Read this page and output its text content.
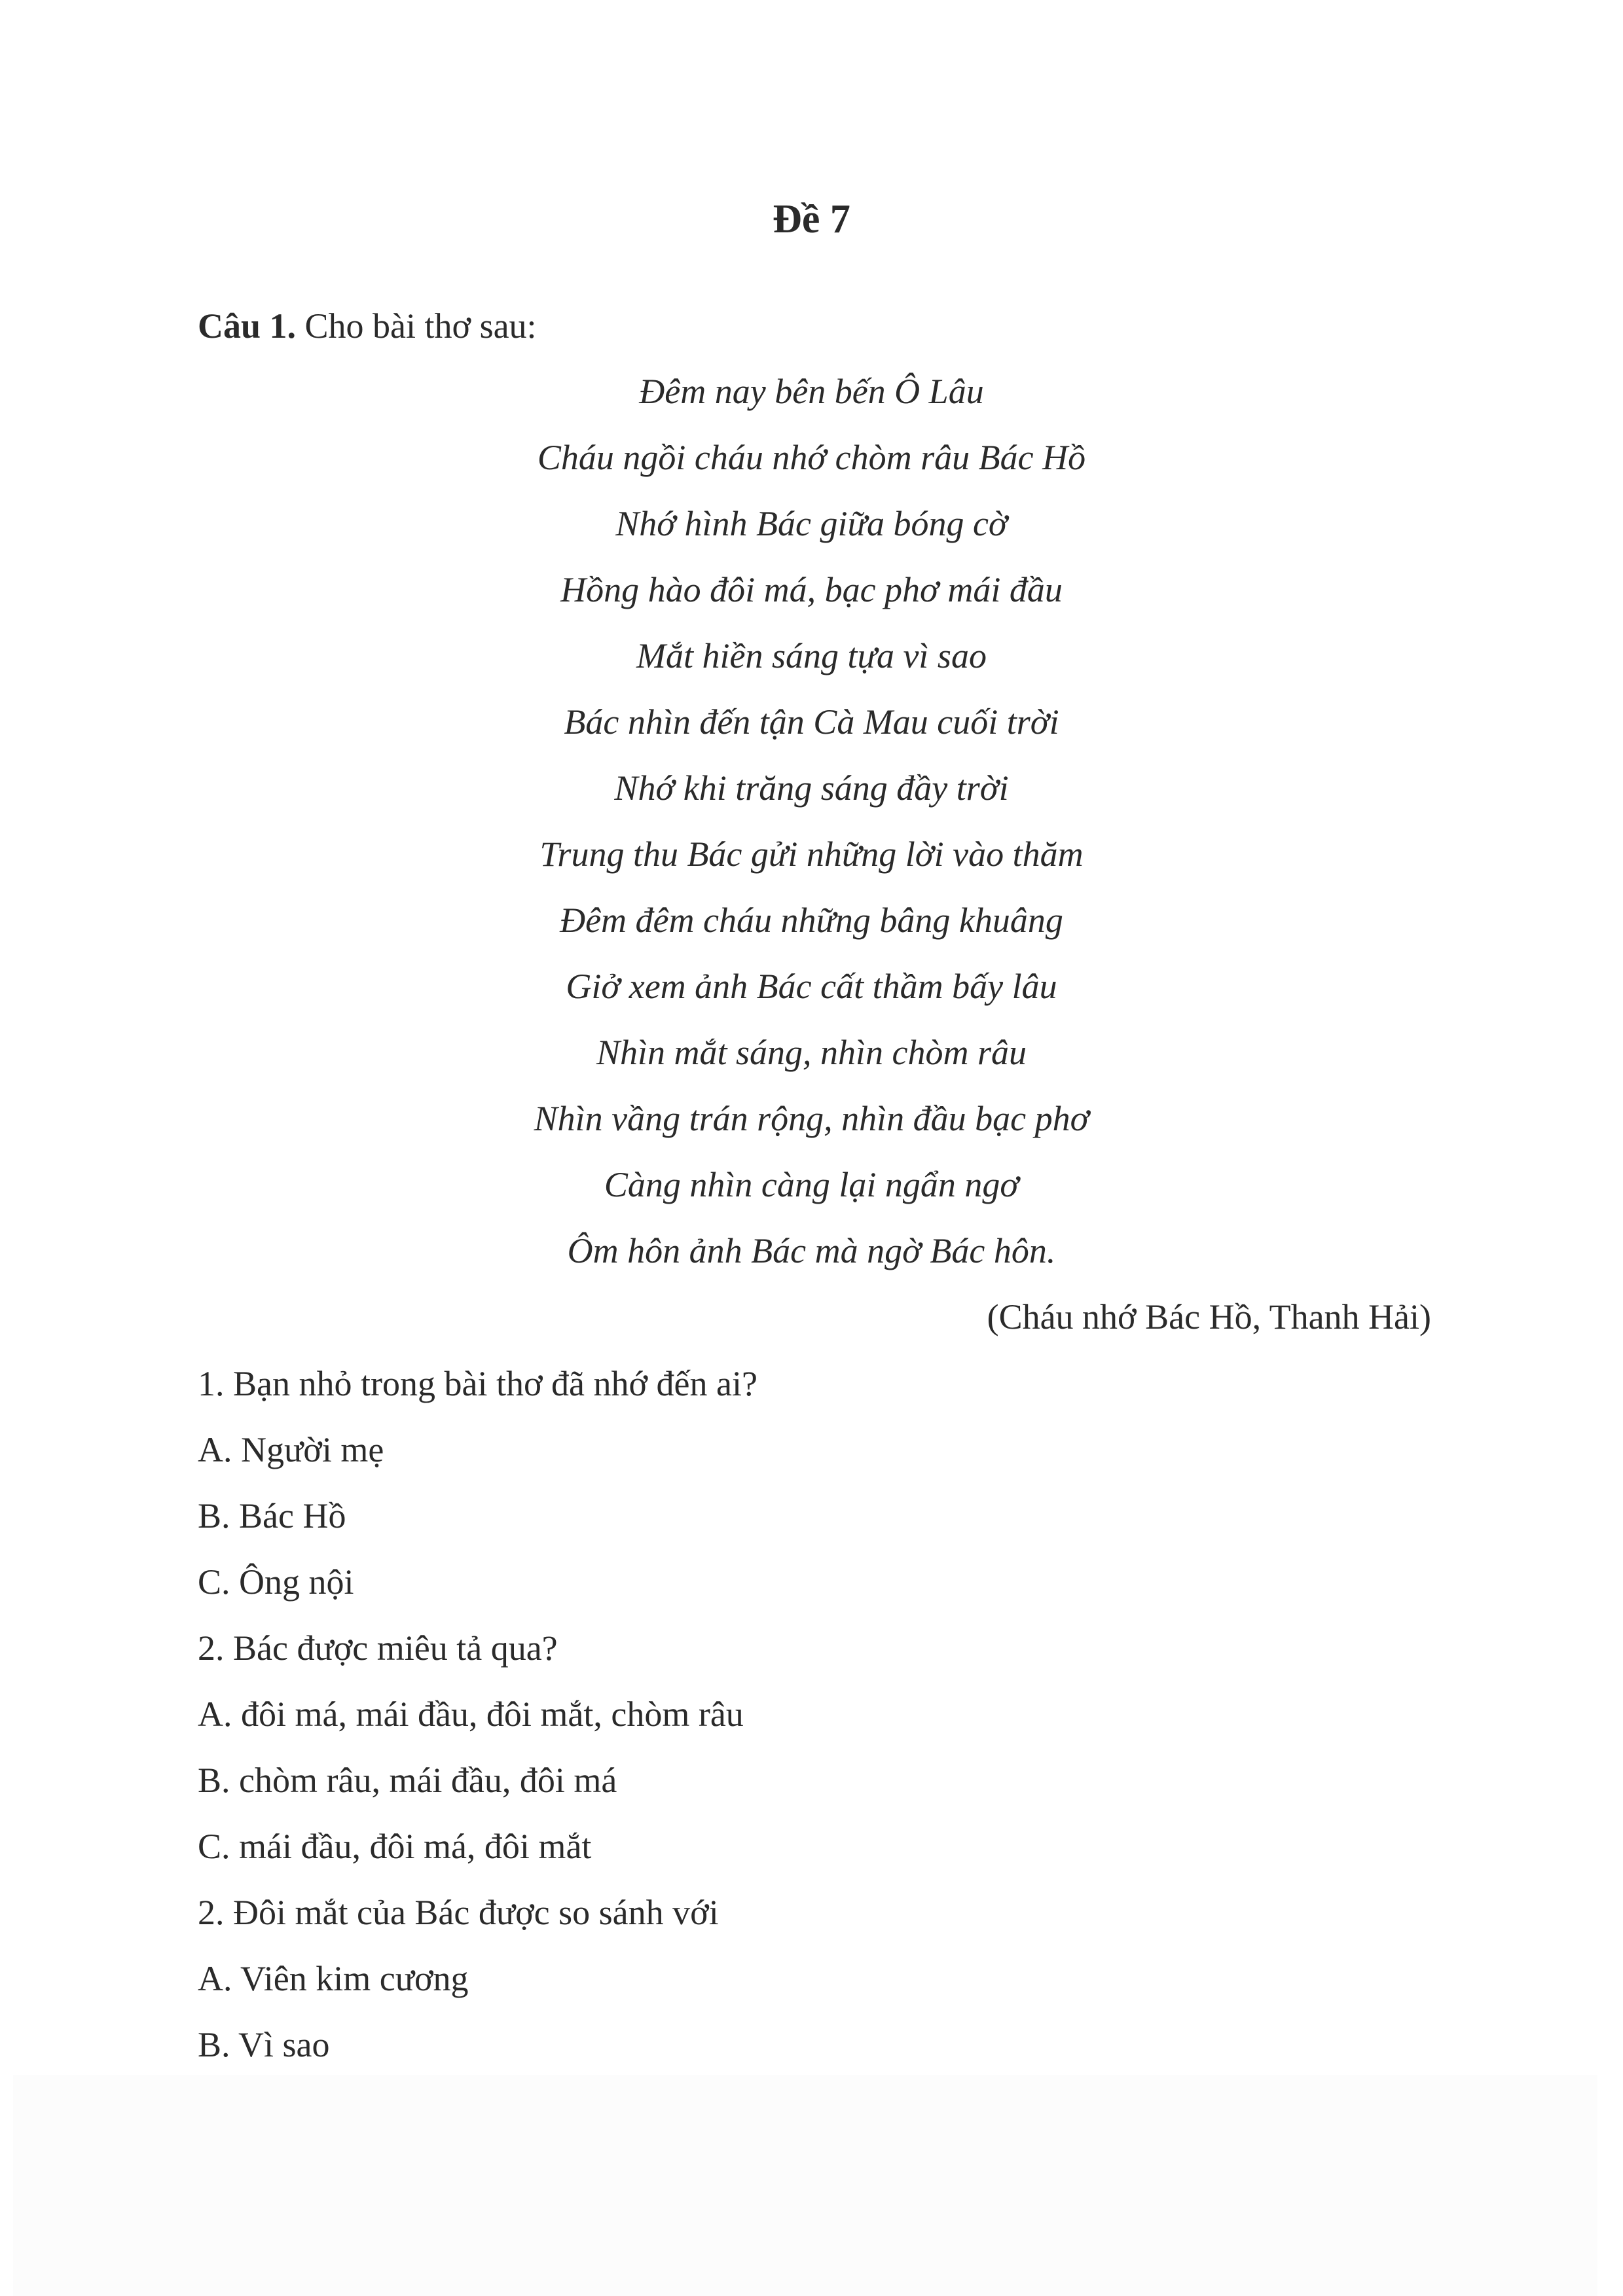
Đề 7
Câu 1. Cho bài thơ sau:
Đêm nay bên bến Ô Lâu
Cháu ngồi cháu nhớ chòm râu Bác Hồ
Nhớ hình Bác giữa bóng cờ
Hồng hào đôi má, bạc phơ mái đầu
Mắt hiền sáng tựa vì sao
Bác nhìn đến tận Cà Mau cuối trời
Nhớ khi trăng sáng đầy trời
Trung thu Bác gửi những lời vào thăm
Đêm đêm cháu những bâng khuâng
Giở xem ảnh Bác cất thầm bấy lâu
Nhìn mắt sáng, nhìn chòm râu
Nhìn vầng trán rộng, nhìn đầu bạc phơ
Càng nhìn càng lại ngẩn ngơ
Ôm hôn ảnh Bác mà ngờ Bác hôn.
(Cháu nhớ Bác Hồ, Thanh Hải)
1. Bạn nhỏ trong bài thơ đã nhớ đến ai?
A. Người mẹ
B. Bác Hồ
C. Ông nội
2. Bác được miêu tả qua?
A. đôi má, mái đầu, đôi mắt, chòm râu
B. chòm râu, mái đầu, đôi má
C. mái đầu, đôi má, đôi mắt
2. Đôi mắt của Bác được so sánh với
A. Viên kim cương
B. Vì sao
